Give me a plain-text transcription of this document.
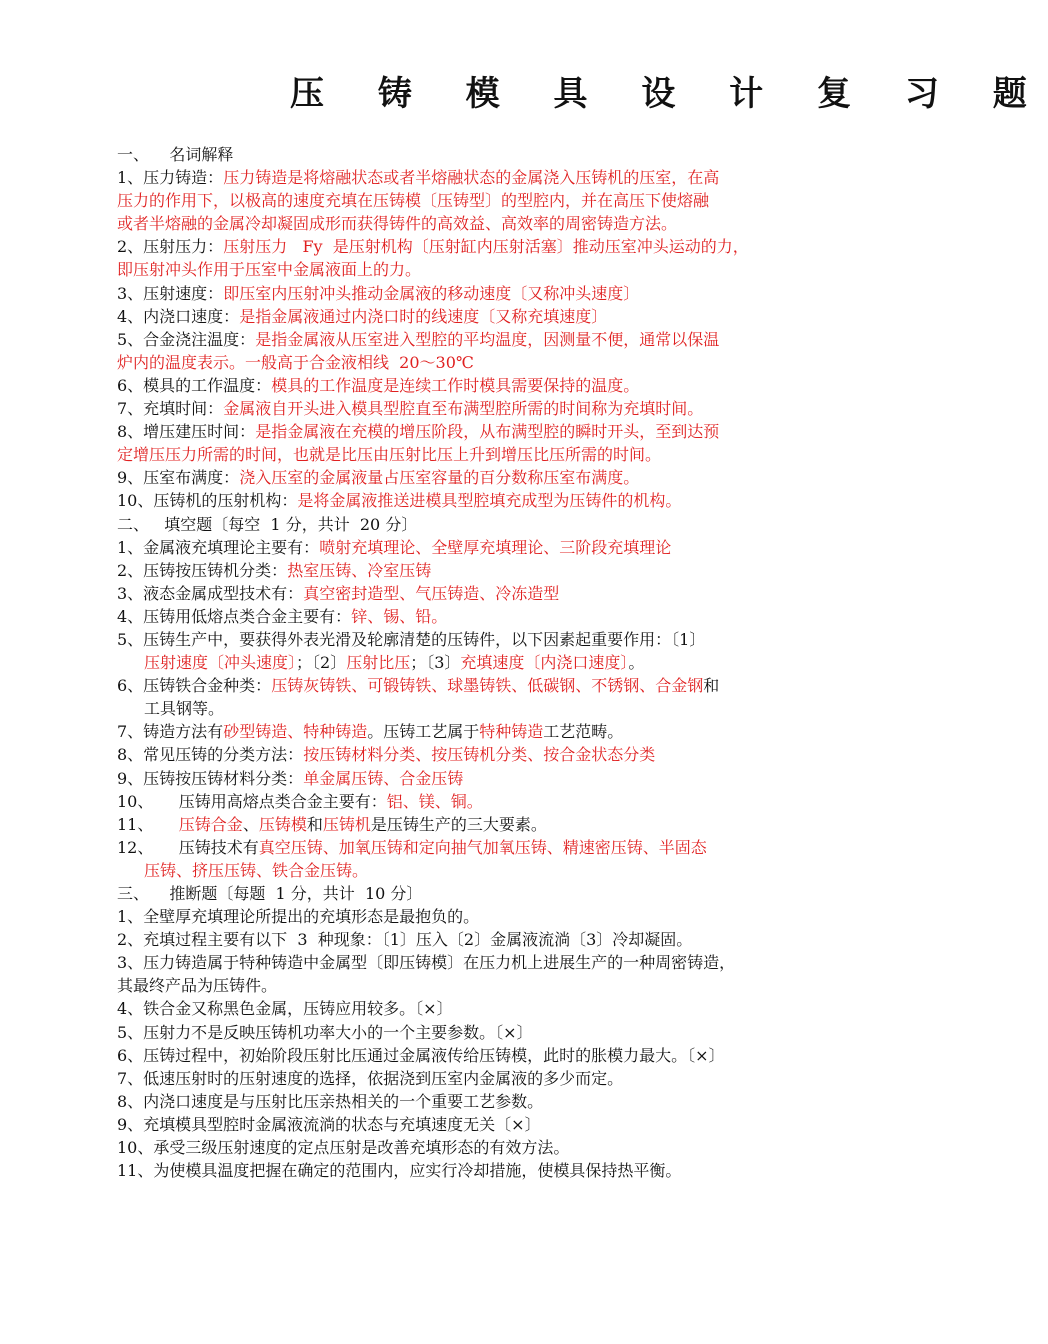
压 铸 模 具 设 计 复 习 题
一、    名词解释
1、压力铸造：压力铸造是将熔融状态或者半熔融状态的金属浇入压铸机的压室，在高
压力的作用下，以极高的速度充填在压铸模〔压铸型〕的型腔内，并在高压下使熔融
或者半熔融的金属冷却凝固成形而获得铸件的高效益、高效率的周密铸造方法。
2、压射压力：压射压力   Fy  是压射机构〔压射缸内压射活塞〕推动压室冲头运动的力，
即压射冲头作用于压室中金属液面上的力。
3、压射速度：即压室内压射冲头推动金属液的移动速度〔又称冲头速度〕
4、内浇口速度：是指金属液通过内浇口时的线速度〔又称充填速度〕
5、合金浇注温度：是指金属液从压室进入型腔的平均温度，因测量不便，通常以保温
炉内的温度表示。一般高于合金液相线  20～30℃
6、模具的工作温度：模具的工作温度是连续工作时模具需要保持的温度。
7、充填时间：金属液自开头进入模具型腔直至布满型腔所需的时间称为充填时间。
8、增压建压时间：是指金属液在充模的增压阶段，从布满型腔的瞬时开头，至到达预
定增压压力所需的时间，也就是比压由压射比压上升到增压比压所需的时间。
9、压室布满度：浇入压室的金属液量占压室容量的百分数称压室布满度。
10、压铸机的压射机构：是将金属液推送进模具型腔填充成型为压铸件的机构。
二、   填空题〔每空  1 分，共计  20 分〕
1、金属液充填理论主要有：喷射充填理论、全壁厚充填理论、三阶段充填理论
2、压铸按压铸机分类：热室压铸、冷室压铸
3、液态金属成型技术有：真空密封造型、气压铸造、冷冻造型
4、压铸用低熔点类合金主要有：锌、锡、铅。
5、压铸生产中，要获得外表光滑及轮廓清楚的压铸件，以下因素起重要作用：〔1〕
压射速度〔冲头速度〕；〔2〕压射比压；〔3〕充填速度〔内浇口速度〕。
6、压铸铁合金种类：压铸灰铸铁、可锻铸铁、球墨铸铁、低碳钢、不锈钢、合金钢和
工具钢等。
7、铸造方法有砂型铸造、特种铸造。压铸工艺属于特种铸造工艺范畴。
8、常见压铸的分类方法：按压铸材料分类、按压铸机分类、按合金状态分类
9、压铸按压铸材料分类：单金属压铸、合金压铸
10、     压铸用高熔点类合金主要有：铝、镁、铜。
11、     压铸合金、压铸模和压铸机是压铸生产的三大要素。
12、     压铸技术有真空压铸、加氧压铸和定向抽气加氧压铸、精速密压铸、半固态
压铸、挤压压铸、铁合金压铸。
三、    推断题〔每题  1 分，共计  10 分〕
1、全壁厚充填理论所提出的充填形态是最抱负的。
2、充填过程主要有以下  3  种现象：〔1〕压入〔2〕金属液流淌〔3〕冷却凝固。
3、压力铸造属于特种铸造中金属型〔即压铸模〕在压力机上进展生产的一种周密铸造，
其最终产品为压铸件。
4、铁合金又称黑色金属，压铸应用较多。〔×〕
5、压射力不是反映压铸机功率大小的一个主要参数。〔×〕
6、压铸过程中，初始阶段压射比压通过金属液传给压铸模，此时的胀模力最大。〔×〕
7、低速压射时的压射速度的选择，依据浇到压室内金属液的多少而定。
8、内浇口速度是与压射比压亲热相关的一个重要工艺参数。
9、充填模具型腔时金属液流淌的状态与充填速度无关〔×〕
10、承受三级压射速度的定点压射是改善充填形态的有效方法。
11、为使模具温度把握在确定的范围内，应实行冷却措施，使模具保持热平衡。
